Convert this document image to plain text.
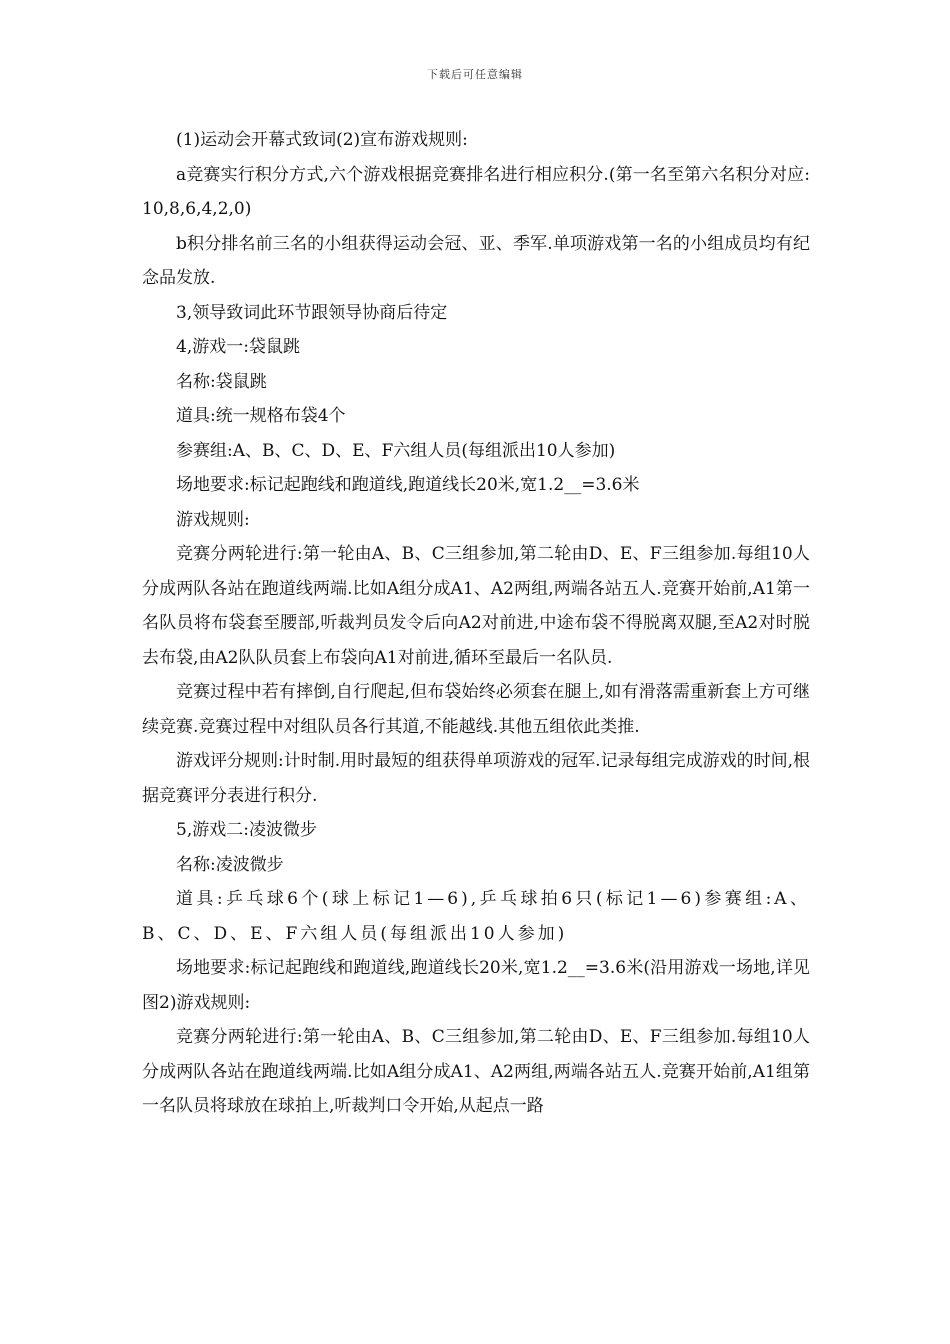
下载后可任意编辑

(1)运动会开幕式致词(2)宣布游戏规则:

a竞赛实行积分方式,六个游戏根据竞赛排名进行相应积分.(第一名至第六名积分对应:10,8,6,4,2,0)

b积分排名前三名的小组获得运动会冠、亚、季军.单项游戏第一名的小组成员均有纪念品发放.

3,领导致词此环节跟领导协商后待定

4,游戏一:袋鼠跳

名称:袋鼠跳

道具:统一规格布袋4个

参赛组:A、B、C、D、E、F六组人员(每组派出10人参加)

场地要求:标记起跑线和跑道线,跑道线长20米,宽1.2__=3.6米

游戏规则:

竞赛分两轮进行:第一轮由A、B、C三组参加,第二轮由D、E、F三组参加.每组10人分成两队各站在跑道线两端.比如A组分成A1、A2两组,两端各站五人.竞赛开始前,A1第一名队员将布袋套至腰部,听裁判员发令后向A2对前进,中途布袋不得脱离双腿,至A2对时脱去布袋,由A2队队员套上布袋向A1对前进,循环至最后一名队员.

竞赛过程中若有摔倒,自行爬起,但布袋始终必须套在腿上,如有滑落需重新套上方可继续竞赛.竞赛过程中对组队员各行其道,不能越线.其他五组依此类推.

游戏评分规则:计时制.用时最短的组获得单项游戏的冠军.记录每组完成游戏的时间,根据竞赛评分表进行积分.

5,游戏二:凌波微步

名称:凌波微步

道具:乒乓球6个(球上标记1—6),乒乓球拍6只(标记1—6)参赛组:A、B、C、D、E、F六组人员(每组派出10人参加)

场地要求:标记起跑线和跑道线,跑道线长20米,宽1.2__=3.6米(沿用游戏一场地,详见图2)游戏规则:

竞赛分两轮进行:第一轮由A、B、C三组参加,第二轮由D、E、F三组参加.每组10人分成两队各站在跑道线两端.比如A组分成A1、A2两组,两端各站五人.竞赛开始前,A1组第一名队员将球放在球拍上,听裁判口令开始,从起点一路
